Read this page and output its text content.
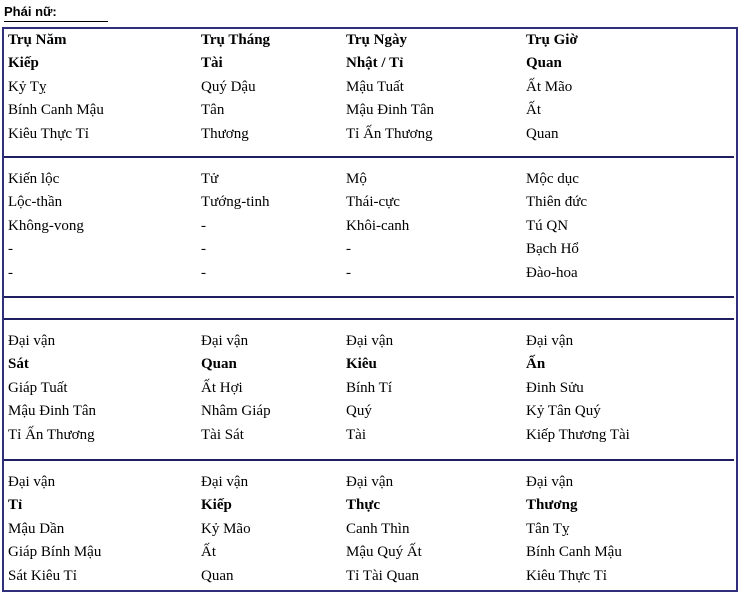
Phái nữ:
Trụ Năm	Trụ Tháng	Trụ Ngày	Trụ Giờ
Kiếp	Tài	Nhật / Tỉ	Quan
Kỷ Tỵ	Quý Dậu	Mậu Tuất	Ất Mão
Bính Canh Mậu	Tân	Mậu Đinh Tân	Ất
Kiêu Thực Tỉ	Thương	Tỉ Ấn Thương	Quan
Kiến lộc	Tử	Mộ	Mộc dục
Lộc-thần	Tướng-tinh	Thái-cực	Thiên đức
Không-vong	-	Khôi-canh	Tú QN
-	-	-	Bạch Hổ
-	-	-	Đào-hoa
Đại vận	Đại vận	Đại vận	Đại vận
Sát	Quan	Kiêu	Ấn
Giáp Tuất	Ất Hợi	Bính Tí	Đinh Sửu
Mậu Đinh Tân	Nhâm Giáp	Quý	Kỷ Tân Quý
Tỉ Ấn Thương	Tài Sát	Tài	Kiếp Thương Tài
Đại vận	Đại vận	Đại vận	Đại vận
Tỉ	Kiếp	Thực	Thương
Mậu Dần	Kỷ Mão	Canh Thìn	Tân Tỵ
Giáp Bính Mậu	Ất	Mậu Quý Ất	Bính Canh Mậu
Sát Kiêu Tỉ	Quan	Tỉ Tài Quan	Kiêu Thực Tỉ
